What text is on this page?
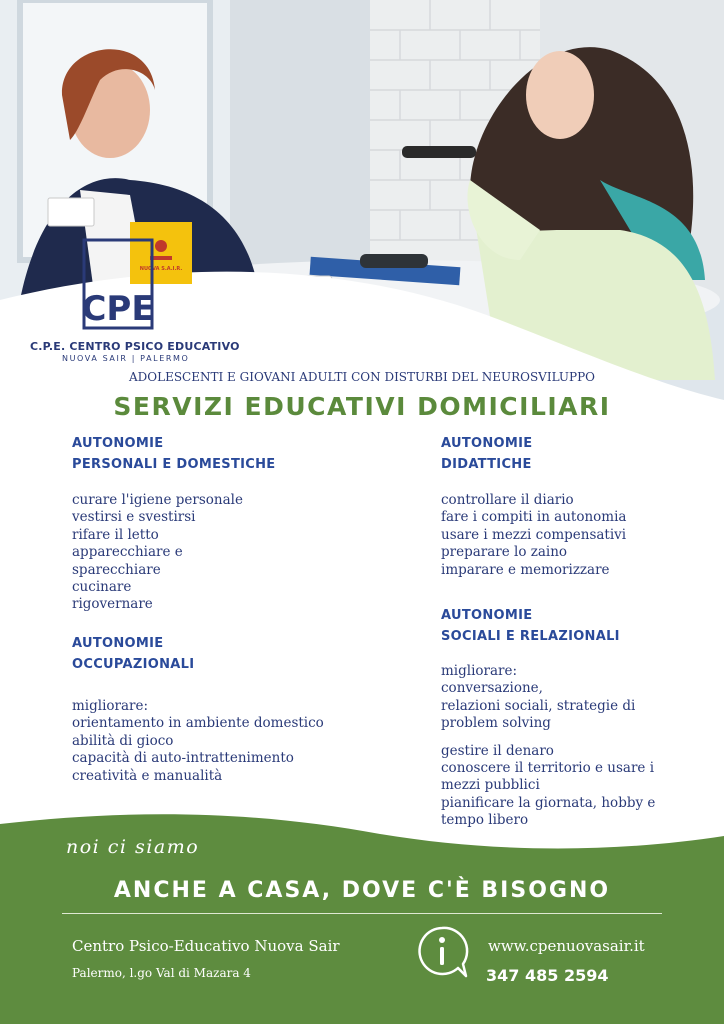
NUOVA S.A.I.R.
CPE
C.P.E. CENTRO PSICO EDUCATIVO
NUOVA SAIR | PALERMO
ADOLESCENTI E GIOVANI ADULTI CON DISTURBI DEL NEUROSVILUPPO
SERVIZI EDUCATIVI DOMICILIARI
AUTONOMIE
PERSONALI E DOMESTICHE
curare l'igiene personale
vestirsi e svestirsi
rifare il letto
apparecchiare e
sparecchiare
cucinare
rigovernare
AUTONOMIE
OCCUPAZIONALI
migliorare:
orientamento in ambiente domestico
abilità di gioco
capacità di auto-intrattenimento
creatività e manualità
AUTONOMIE
DIDATTICHE
controllare il diario
fare i compiti in autonomia
usare i mezzi compensativi
preparare lo zaino
imparare e memorizzare
AUTONOMIE
SOCIALI E RELAZIONALI
migliorare:
conversazione,
relazioni sociali, strategie di
problem solving
gestire il denaro
conoscere il territorio e usare i
mezzi pubblici
pianificare la giornata, hobby e
tempo libero
noi ci siamo
ANCHE A CASA, DOVE C'È BISOGNO
Centro Psico-Educativo Nuova Sair
Palermo, l.go Val di Mazara 4
www.cpenuovasair.it
347 485 2594
